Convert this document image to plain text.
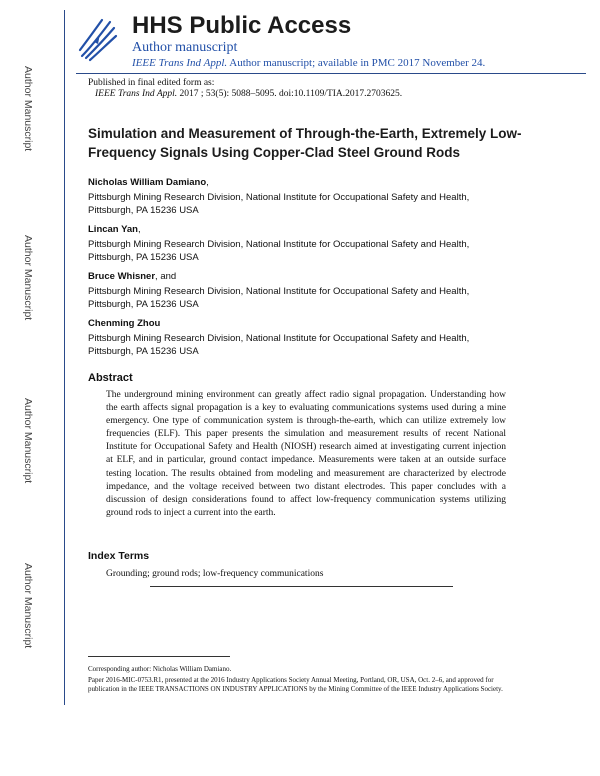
Author Manuscript
Author Manuscript
Author Manuscript
Author Manuscript
HHS Public Access
Author manuscript
IEEE Trans Ind Appl. Author manuscript; available in PMC 2017 November 24.
Published in final edited form as:
IEEE Trans Ind Appl. 2017 ; 53(5): 5088–5095. doi:10.1109/TIA.2017.2703625.
Simulation and Measurement of Through-the-Earth, Extremely Low-Frequency Signals Using Copper-Clad Steel Ground Rods
Nicholas William Damiano,
Pittsburgh Mining Research Division, National Institute for Occupational Safety and Health,
Pittsburgh, PA 15236 USA
Lincan Yan,
Pittsburgh Mining Research Division, National Institute for Occupational Safety and Health,
Pittsburgh, PA 15236 USA
Bruce Whisner, and
Pittsburgh Mining Research Division, National Institute for Occupational Safety and Health,
Pittsburgh, PA 15236 USA
Chenming Zhou
Pittsburgh Mining Research Division, National Institute for Occupational Safety and Health,
Pittsburgh, PA 15236 USA
Abstract
The underground mining environment can greatly affect radio signal propagation. Understanding how the earth affects signal propagation is a key to evaluating communications systems used during a mine emergency. One type of communication system is through-the-earth, which can utilize extremely low frequencies (ELF). This paper presents the simulation and measurement results of recent National Institute for Occupational Safety and Health (NIOSH) research aimed at investigating current injection at ELF, and in particular, ground contact impedance. Measurements were taken at an outside surface testing location. The results obtained from modeling and measurement are characterized by electrode impedance, and the voltage received between two distant electrodes. This paper concludes with a discussion of design considerations found to affect low-frequency communication systems utilizing ground rods to inject a current into the earth.
Index Terms
Grounding; ground rods; low-frequency communications
Corresponding author: Nicholas William Damiano.
Paper 2016-MIC-0753.R1, presented at the 2016 Industry Applications Society Annual Meeting, Portland, OR, USA, Oct. 2–6, and approved for publication in the IEEE TRANSACTIONS ON INDUSTRY APPLICATIONS by the Mining Committee of the IEEE Industry Applications Society.
